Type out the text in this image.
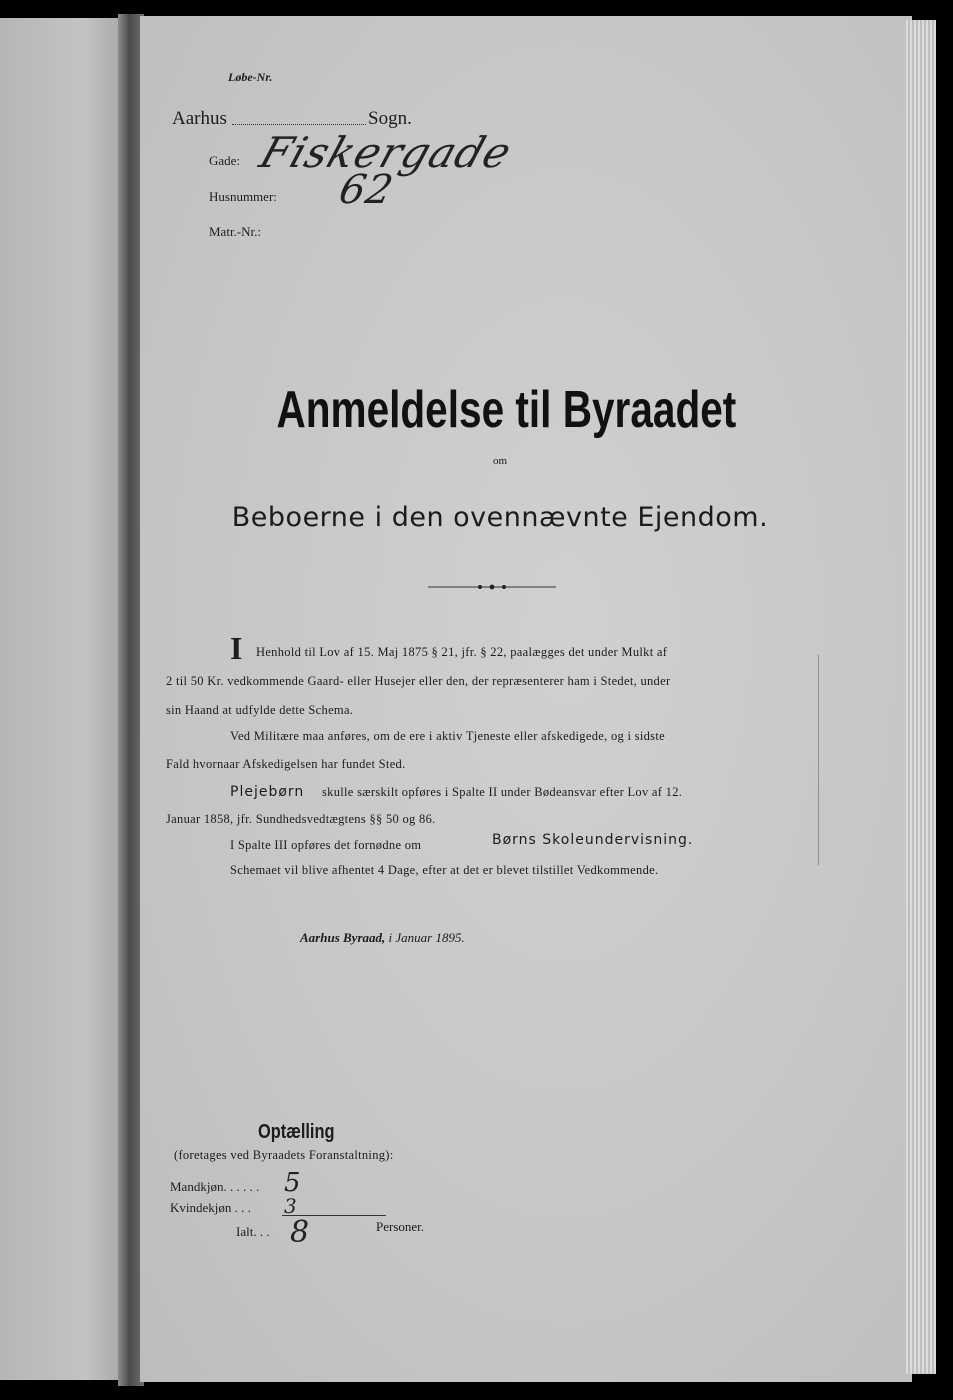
Løbe-Nr.
Aarhus	Sogn.
Gade: Fiskergade
Husnummer: 62
Matr.-Nr.:
Anmeldelse til Byraadet
om
Beboerne i den ovennævnte Ejendom.
I Henhold til Lov af 15. Maj 1875 § 21, jfr. § 22, paalægges det under Mulkt af
2 til 50 Kr. vedkommende Gaard- eller Husejer eller den, der repræsenterer ham i Stedet, under
sin Haand at udfylde dette Schema.
Ved Militære maa anføres, om de ere i aktiv Tjeneste eller afskedigede, og i sidste
Fald hvornaar Afskedigelsen har fundet Sted.
Plejebørn skulle særskilt opføres i Spalte II under Bødeansvar efter Lov af 12.
Januar 1858, jfr. Sundhedsvedtægtens §§ 50 og 86.
I Spalte III opføres det fornødne om	Børns Skoleundervisning.
Schemaet vil blive afhentet 4 Dage, efter at det er blevet tilstillet Vedkommende.
Aarhus Byraad, i Januar 1895.
Optælling
(foretages ved Byraadets Foranstaltning):
Mandkjøn. . . . . . 5
Kvindekjøn . . . 3
Ialt. . . 8	Personer.
